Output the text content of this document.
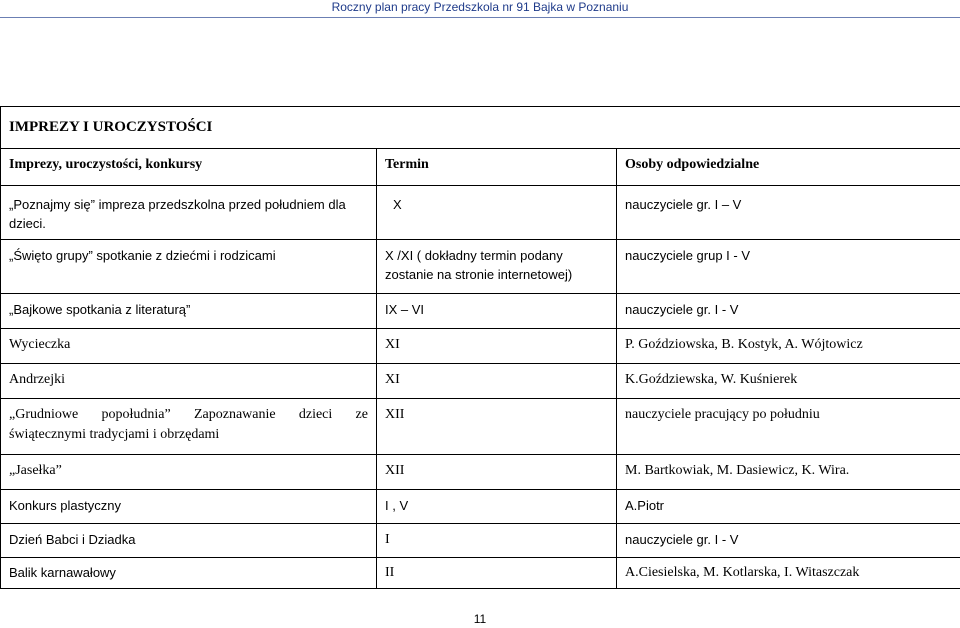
Roczny plan pracy Przedszkola nr 91 Bajka w Poznaniu
IMPREZY I UROCZYSTOŚCI		
Imprezy, uroczystości, konkursy	Termin	Osoby odpowiedzialne
„Poznajmy się” impreza przedszkolna przed południem dla dzieci.	X	nauczyciele gr. I – V
„Święto grupy” spotkanie z dziećmi i rodzicami	X /XI ( dokładny termin podany zostanie na stronie internetowej)	nauczyciele grup I - V
„Bajkowe spotkania z literaturą”	IX – VI	nauczyciele gr. I - V
Wycieczka	XI	P. Goździowska, B. Kostyk, A. Wójtowicz
Andrzejki	XI	K.Goździewska, W. Kuśnierek
„Grudniowe popołudnia” Zapoznawanie dzieci ze świątecznymi tradycjami i obrzędami	XII	nauczyciele pracujący po południu
„Jasełka”	XII	M. Bartkowiak, M. Dasiewicz, K. Wira.
Konkurs plastyczny	I , V	A.Piotr
Dzień Babci i Dziadka	I	nauczyciele gr. I - V
Balik karnawałowy	II	A.Ciesielska, M. Kotlarska, I. Witaszczak
11
